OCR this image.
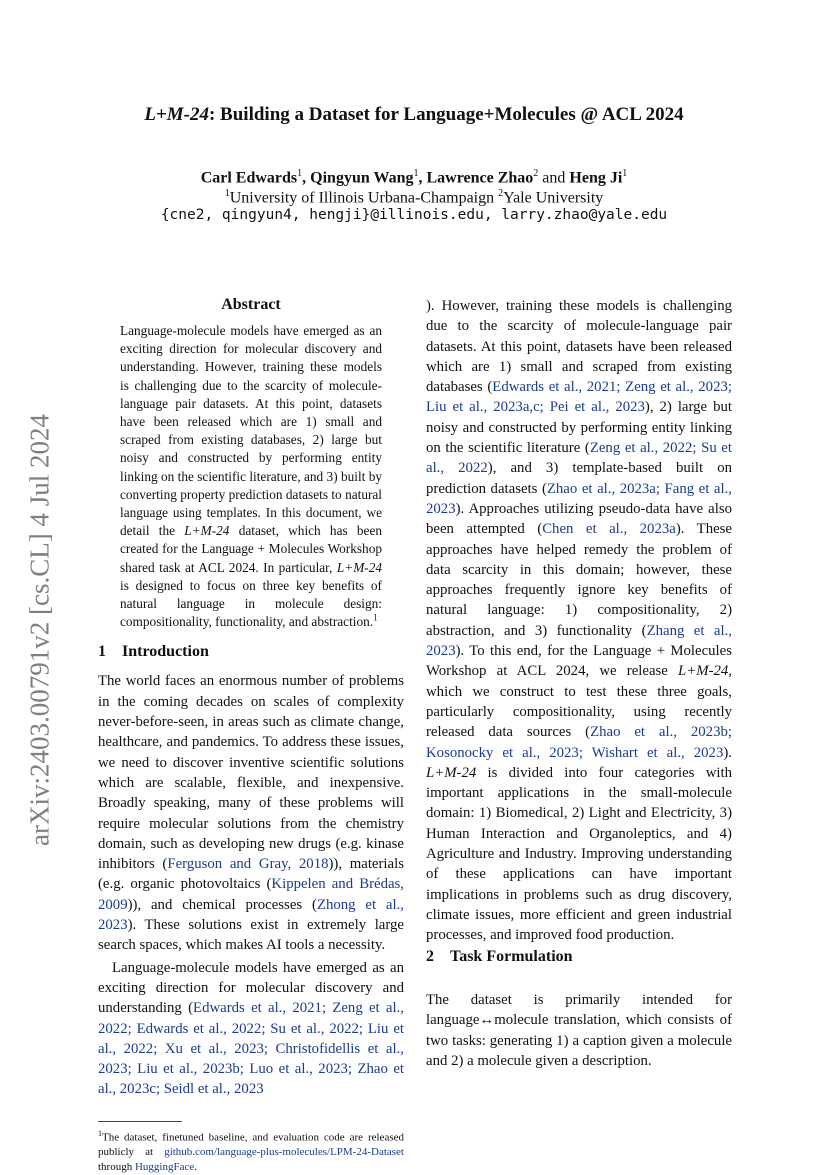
arXiv:2403.00791v2 [cs.CL] 4 Jul 2024
L+M-24: Building a Dataset for Language+Molecules @ ACL 2024
Carl Edwards$^1$, Qingyun Wang$^1$, Lawrence Zhao$^2$ and Heng Ji$^1$
$^1$University of Illinois Urbana-Champaign $^2$Yale University
{cne2, qingyun4, hengji}@illinois.edu, larry.zhao@yale.edu
Abstract
Language-molecule models have emerged as an exciting direction for molecular discovery and understanding. However, training these models is challenging due to the scarcity of molecule-language pair datasets. At this point, datasets have been released which are 1) small and scraped from existing databases, 2) large but noisy and constructed by performing entity linking on the scientific literature, and 3) built by converting property prediction datasets to natural language using templates. In this document, we detail the L+M-24 dataset, which has been created for the Language + Molecules Workshop shared task at ACL 2024. In particular, L+M-24 is designed to focus on three key benefits of natural language in molecule design: compositionality, functionality, and abstraction.$^1$
1 Introduction

The world faces an enormous number of problems in the coming decades on scales of complexity never-before-seen, in areas such as climate change, healthcare, and pandemics. To address these issues, we need to discover inventive scientific solutions which are scalable, flexible, and inexpensive. Broadly speaking, many of these problems will require molecular solutions from the chemistry domain, such as developing new drugs (e.g. kinase inhibitors (Ferguson and Gray, 2018)), materials (e.g. organic photovoltaics (Kippelen and Brédas, 2009)), and chemical processes (Zhong et al., 2023). These solutions exist in extremely large search spaces, which makes AI tools a necessity.

Language-molecule models have emerged as an exciting direction for molecular discovery and understanding (Edwards et al., 2021; Zeng et al., 2022; Edwards et al., 2022; Su et al., 2022; Liu et al., 2022; Xu et al., 2023; Christofidellis et al., 2023; Liu et al., 2023b; Luo et al., 2023; Zhao et al., 2023c; Seidl et al., 2023

$^1$The dataset, finetuned baseline, and evaluation code are released publicly at github.com/language-plus-molecules/LPM-24-Dataset through HuggingFace.

). However, training these models is challenging due to the scarcity of molecule-language pair datasets. At this point, datasets have been released which are 1) small and scraped from existing databases (Edwards et al., 2021; Zeng et al., 2023; Liu et al., 2023a,c; Pei et al., 2023), 2) large but noisy and constructed by performing entity linking on the scientific literature (Zeng et al., 2022; Su et al., 2022), and 3) template-based built on prediction datasets (Zhao et al., 2023a; Fang et al., 2023). Approaches utilizing pseudo-data have also been attempted (Chen et al., 2023a). These approaches have helped remedy the problem of data scarcity in this domain; however, these approaches frequently ignore key benefits of natural language: 1) compositionality, 2) abstraction, and 3) functionality (Zhang et al., 2023). To this end, for the Language + Molecules Workshop at ACL 2024, we release L+M-24, which we construct to test these three goals, particularly compositionality, using recently released data sources (Zhao et al., 2023b; Kosonocky et al., 2023; Wishart et al., 2023). L+M-24 is divided into four categories with important applications in the small-molecule domain: 1) Biomedical, 2) Light and Electricity, 3) Human Interaction and Organoleptics, and 4) Agriculture and Industry. Improving understanding of these applications can have important implications in problems such as drug discovery, climate issues, more efficient and green industrial processes, and improved food production.

2 Task Formulation

The dataset is primarily intended for language↔molecule translation, which consists of two tasks: generating 1) a caption given a molecule and 2) a molecule given a description.
